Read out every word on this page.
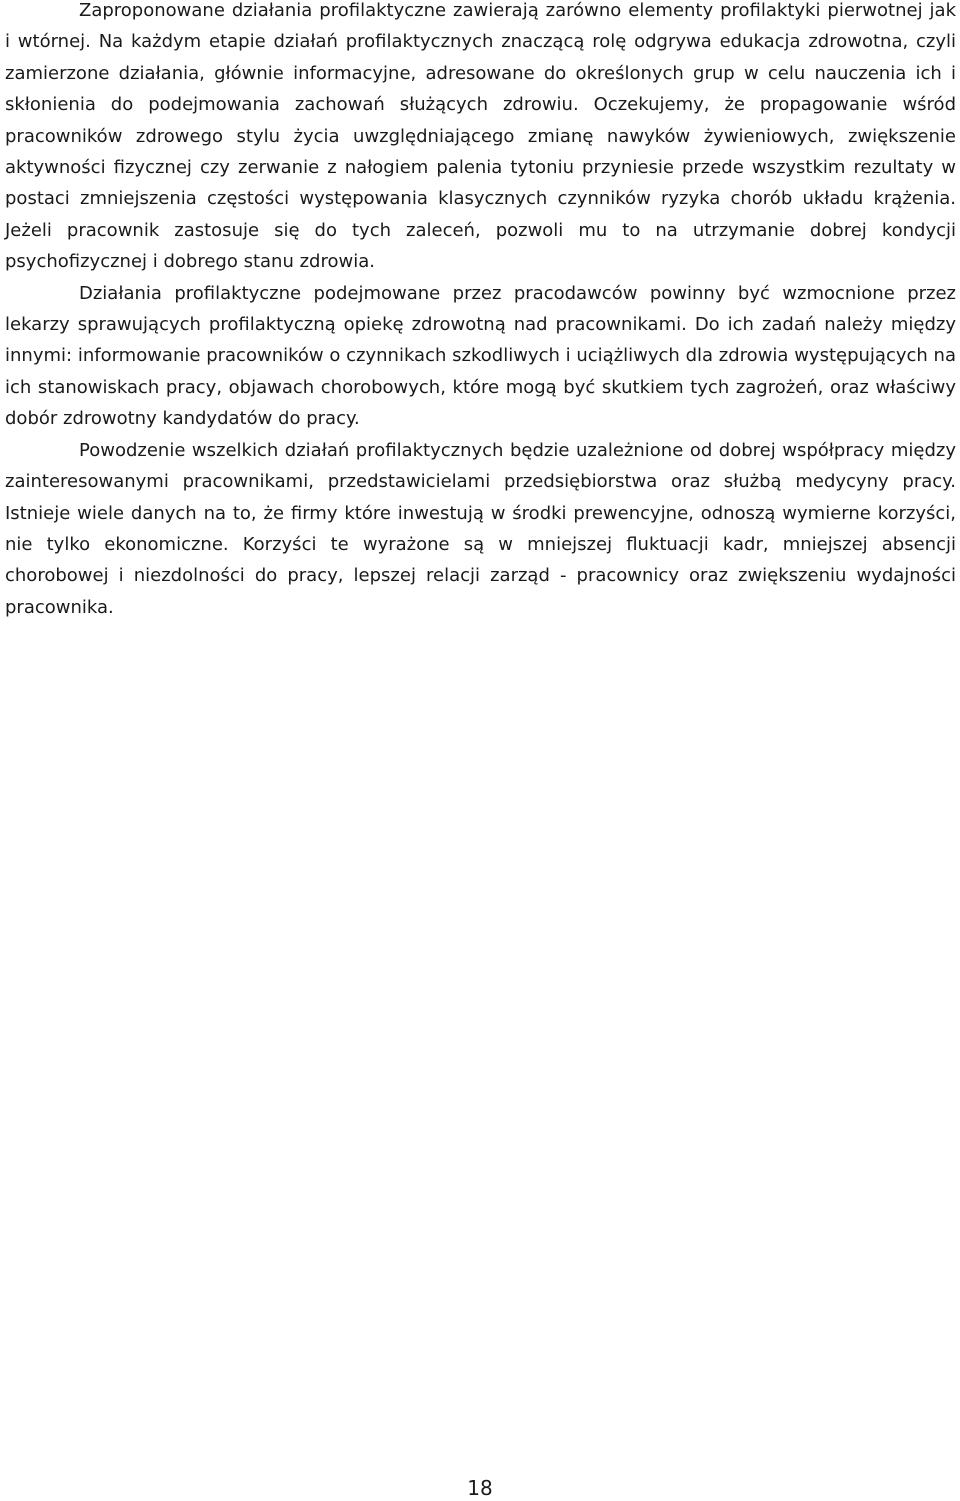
Zaproponowane działania profilaktyczne zawierają zarówno elementy profilaktyki pierwotnej jak i wtórnej. Na każdym etapie działań profilaktycznych znaczącą rolę odgrywa edukacja zdrowotna, czyli zamierzone działania, głównie informacyjne, adresowane do określonych grup w celu nauczenia ich i skłonienia do podejmowania zachowań służących zdrowiu. Oczekujemy, że propagowanie wśród pracowników zdrowego stylu życia uwzględniającego zmianę nawyków żywieniowych, zwiększenie aktywności fizycznej czy zerwanie z nałogiem palenia tytoniu przyniesie przede wszystkim rezultaty w postaci zmniejszenia częstości występowania klasycznych czynników ryzyka chorób układu krążenia. Jeżeli pracownik zastosuje się do tych zaleceń, pozwoli mu to na utrzymanie dobrej kondycji psychofizycznej i dobrego stanu zdrowia.

Działania profilaktyczne podejmowane przez pracodawców powinny być wzmocnione przez lekarzy sprawujących profilaktyczną opiekę zdrowotną nad pracownikami. Do ich zadań należy między innymi: informowanie pracowników o czynnikach szkodliwych i uciążliwych dla zdrowia występujących na ich stanowiskach pracy, objawach chorobowych, które mogą być skutkiem tych zagrożeń, oraz właściwy dobór zdrowotny kandydatów do pracy.

Powodzenie wszelkich działań profilaktycznych będzie uzależnione od dobrej współpracy między zainteresowanymi pracownikami, przedstawicielami przedsiębiorstwa oraz służbą medycyny pracy. Istnieje wiele danych na to, że firmy które inwestują w środki prewencyjne, odnoszą wymierne korzyści, nie tylko ekonomiczne. Korzyści te wyrażone są w mniejszej fluktuacji kadr, mniejszej absencji chorobowej i niezdolności do pracy, lepszej relacji zarząd - pracownicy oraz zwiększeniu wydajności pracownika.

18
